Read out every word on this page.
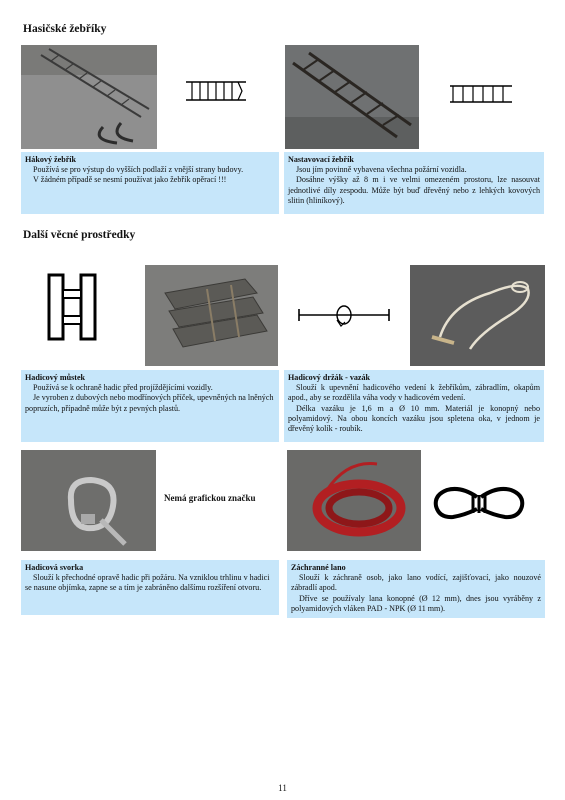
Hasičské žebříky
Hákový žebřík

Používá se pro výstup do vyšších podlaží z vnější strany budovy.

V žádném případě se nesmí používat jako žebřík opěrací !!!

Nastavovací žebřík

Jsou jím povinně vybavena všechna požární vozidla.

Dosáhne výšky až 8 m i ve velmi omezeném prostoru, lze nasouvat jednotlivé díly zespodu. Může být buď dřevěný nebo z lehkých kovových slitin (hliníkový).

Další věcné prostředky
Hadicový můstek

Používá se k ochraně hadic před projíždějícími vozidly.

Je vyroben z dubových nebo modřínových příček, upevněných na lněných popruzích, případně může být z pevných plastů.

Hadicový držák - vazák

Slouží k upevnění hadicového vedení k žebříkům, zábradlím, okapům apod., aby se rozdělila váha vody v hadicovém vedení.

Délka vazáku je 1,6 m a Ø 10 mm. Materiál je konopný nebo polyamidový. Na obou koncích vazáku jsou spletena oka, v jednom je dřevěný kolík - roubík.

Nemá grafickou značku
Hadicová svorka

Slouží k přechodné opravě hadic při požáru. Na vzniklou trhlinu v hadici se nasune objímka, zapne se a tím je zabráněno dalšímu rozšíření otvoru.

Záchranné lano

Slouží k záchraně osob, jako lano vodící, zajišťovací, jako nouzové zábradlí apod.

Dříve se používaly lana konopné (Ø 12 mm), dnes jsou vyráběny z polyamidových vláken PAD - NPK (Ø 11 mm).

11
